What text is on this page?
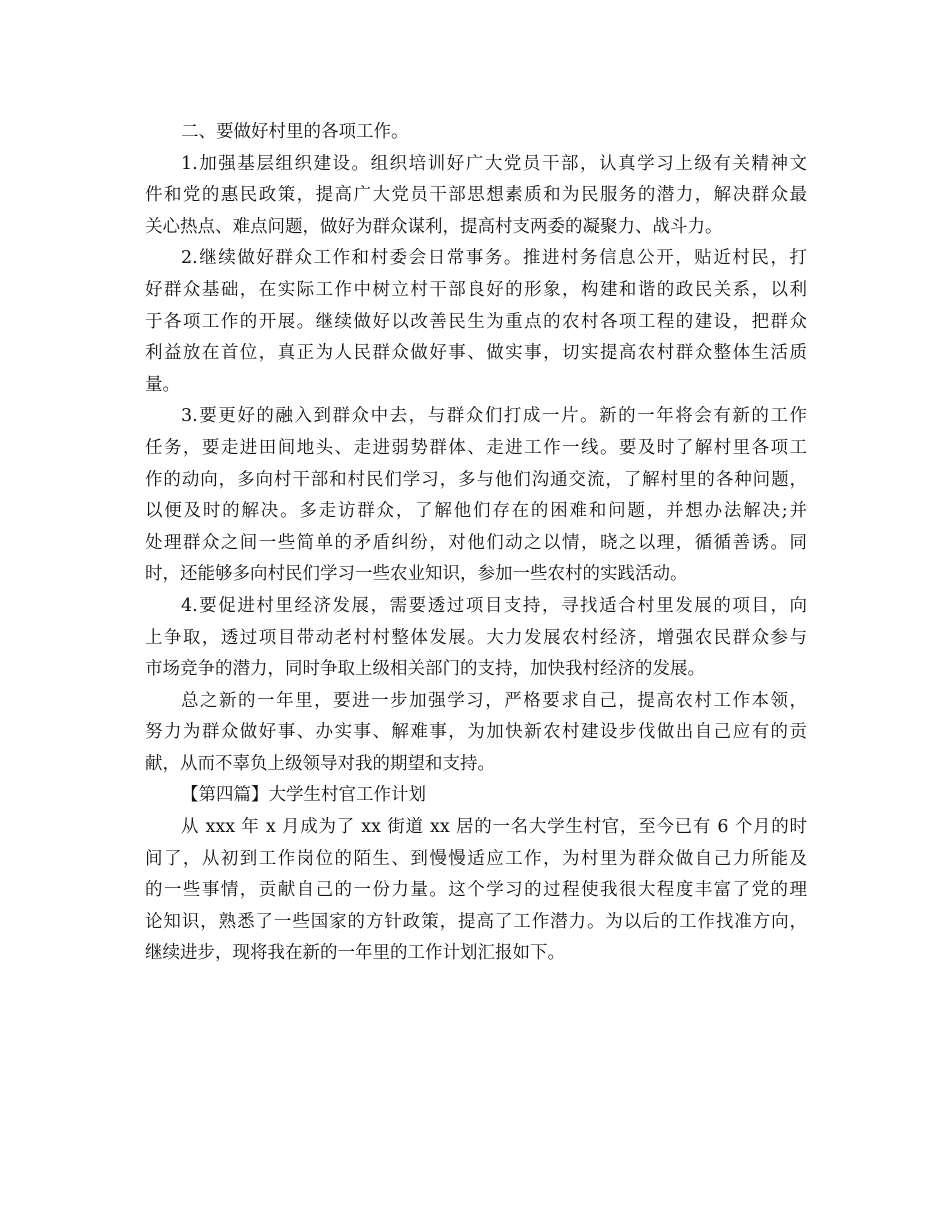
二、要做好村里的各项工作。
1.加强基层组织建设。组织培训好广大党员干部，认真学习上级有关精神文
件和党的惠民政策，提高广大党员干部思想素质和为民服务的潜力，解决群众最
关心热点、难点问题，做好为群众谋利，提高村支两委的凝聚力、战斗力。
2.继续做好群众工作和村委会日常事务。推进村务信息公开，贴近村民，打
好群众基础，在实际工作中树立村干部良好的形象，构建和谐的政民关系，以利
于各项工作的开展。继续做好以改善民生为重点的农村各项工程的建设，把群众
利益放在首位，真正为人民群众做好事、做实事，切实提高农村群众整体生活质
量。
3.要更好的融入到群众中去，与群众们打成一片。新的一年将会有新的工作
任务，要走进田间地头、走进弱势群体、走进工作一线。要及时了解村里各项工
作的动向，多向村干部和村民们学习，多与他们沟通交流，了解村里的各种问题，
以便及时的解决。多走访群众，了解他们存在的困难和问题，并想办法解决;并
处理群众之间一些简单的矛盾纠纷，对他们动之以情，晓之以理，循循善诱。同
时，还能够多向村民们学习一些农业知识，参加一些农村的实践活动。
4.要促进村里经济发展，需要透过项目支持，寻找适合村里发展的项目，向
上争取，透过项目带动老村村整体发展。大力发展农村经济，增强农民群众参与
市场竞争的潜力，同时争取上级相关部门的支持，加快我村经济的发展。
总之新的一年里，要进一步加强学习，严格要求自己，提高农村工作本领，
努力为群众做好事、办实事、解难事，为加快新农村建设步伐做出自己应有的贡
献，从而不辜负上级领导对我的期望和支持。
【第四篇】大学生村官工作计划
从 xxx 年 x 月成为了 xx 街道 xx 居的一名大学生村官，至今已有 6 个月的时
间了，从初到工作岗位的陌生、到慢慢适应工作，为村里为群众做自己力所能及
的一些事情，贡献自己的一份力量。这个学习的过程使我很大程度丰富了党的理
论知识，熟悉了一些国家的方针政策，提高了工作潜力。为以后的工作找准方向，
继续进步，现将我在新的一年里的工作计划汇报如下。
